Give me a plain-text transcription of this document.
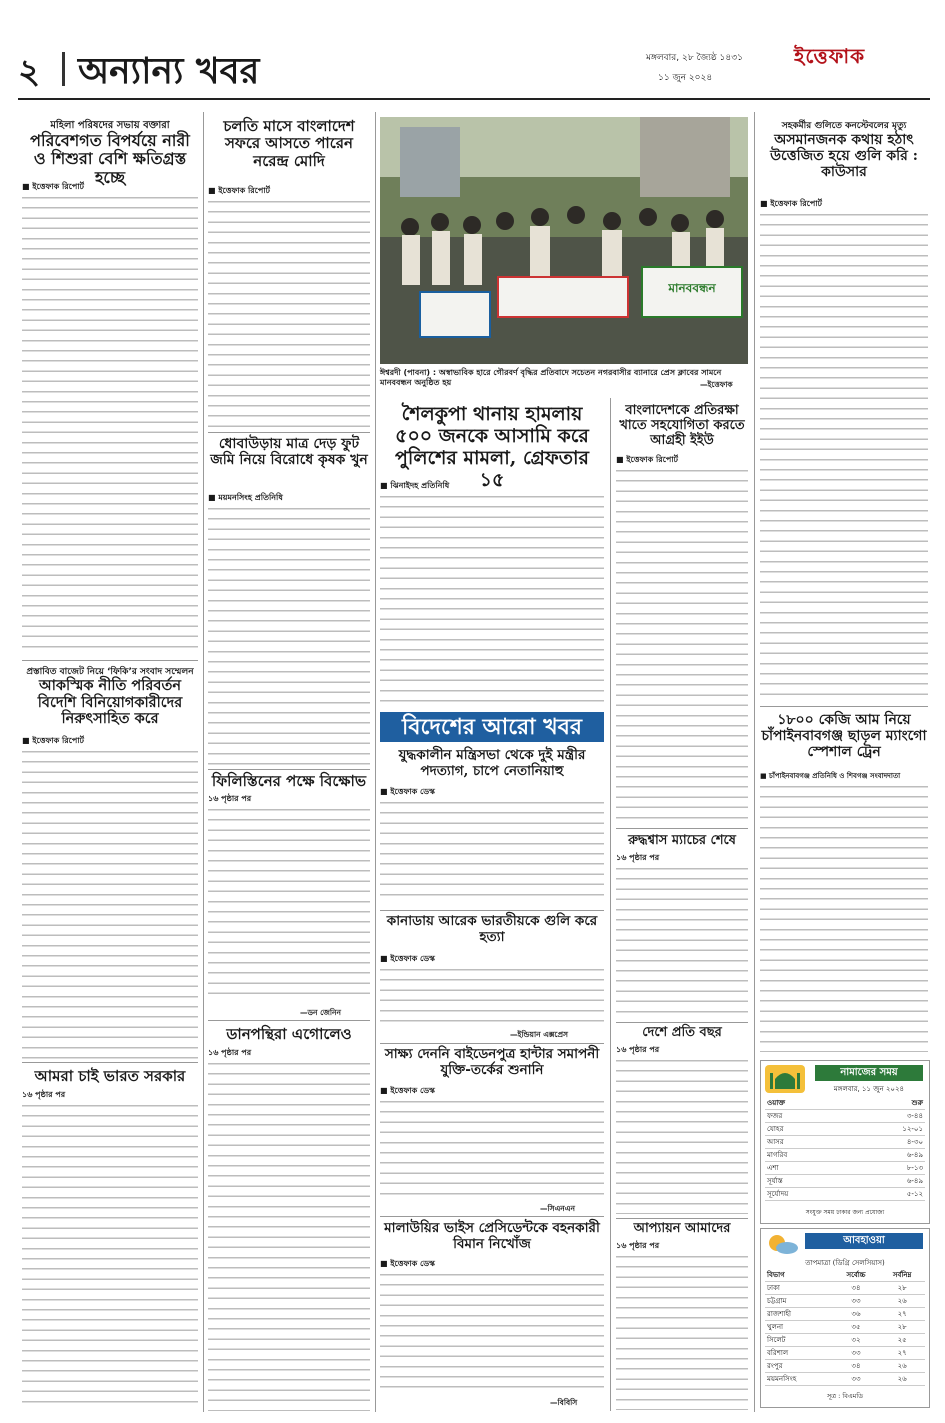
২ অন্যান্য খবর	মঙ্গলবার, ২৮ জ্যৈষ্ঠ ১৪৩১
১১ জুন ২০২৪
ইত্তেফাক
মহিলা পরিষদের সভায় বক্তারা
পরিবেশগত বিপর্যয়ে নারী ও শিশুরা বেশি ক্ষতিগ্রস্ত হচ্ছে
■ ইত্তেফাক রিপোর্ট
প্রস্তাবিত বাজেট নিয়ে ‘ফিকি’র সংবাদ সম্মেলন
আকস্মিক নীতি পরিবর্তন বিদেশি বিনিয়োগকারীদের নিরুৎসাহিত করে
■ ইত্তেফাক রিপোর্ট
আমরা চাই ভারত সরকার
১৬ পৃষ্ঠার পর
চলতি মাসে বাংলাদেশ সফরে আসতে পারেন নরেন্দ্র মোদি
■ ইত্তেফাক রিপোর্ট
ধোবাউড়ায় মাত্র দেড় ফুট জমি নিয়ে বিরোধে কৃষক খুন
■ ময়মনসিংহ প্রতিনিধি
ফিলিস্তিনের পক্ষে বিক্ষোভ
১৬ পৃষ্ঠার পর
—ডন জেনিন
ডানপন্থিরা এগোলেও
১৬ পৃষ্ঠার পর
মানববন্ধন
ঈশ্বরদী (পাবনা) : অস্বাভাবিক হারে গৌরবর্ণ বৃদ্ধির প্রতিবাদে সচেতন নগরবাসীর ব্যানারে প্রেস ক্লাবের সামনে মানববন্ধন অনুষ্ঠিত হয়	—ইত্তেফাক
শৈলকুপা থানায় হামলায় ৫০০ জনকে আসামি করে পুলিশের মামলা, গ্রেফতার ১৫
■ ঝিনাইদহ প্রতিনিধি
বাংলাদেশকে প্রতিরক্ষা খাতে সহযোগিতা করতে আগ্রহী ইইউ
■ ইত্তেফাক রিপোর্ট
বিদেশের আরো খবর
যুদ্ধকালীন মন্ত্রিসভা থেকে দুই মন্ত্রীর পদত্যাগ, চাপে নেতানিয়াহু
■ ইত্তেফাক ডেস্ক
কানাডায় আরেক ভারতীয়কে গুলি করে হত্যা
■ ইত্তেফাক ডেস্ক
—ইন্ডিয়ান এক্সপ্রেস
সাক্ষ্য দেননি বাইডেনপুত্র হান্টার সমাপনী যুক্তি-তর্কের শুনানি
■ ইত্তেফাক ডেস্ক
—সিএনএন
মালাউয়ির ভাইস প্রেসিডেন্টকে বহনকারী বিমান নিখোঁজ
■ ইত্তেফাক ডেস্ক
—বিবিসি
রুদ্ধশ্বাস ম্যাচের শেষে
১৬ পৃষ্ঠার পর
দেশে প্রতি বছর
১৬ পৃষ্ঠার পর
আপ্যায়ন আমাদের
১৬ পৃষ্ঠার পর
সহকর্মীর গুলিতে কনস্টেবলের মৃত্যু
অসমানজনক কথায় হঠাৎ উত্তেজিত হয়ে গুলি করি : কাউসার
■ ইত্তেফাক রিপোর্ট
১৮০০ কেজি আম নিয়ে চাঁপাইনবাবগঞ্জ ছাড়ল ম্যাংগো স্পেশাল ট্রেন
■ চাঁপাইনবাবগঞ্জ প্রতিনিধি ও শিবগঞ্জ সংবাদদাতা
নামাজের সময়
মঙ্গলবার, ১১ জুন ২০২৪
ওয়াক্ত	শুরু
ফজর	৩-৪৪
যোহর	১২-০১
আসর	৪-৩০
মাগরিব	৬-৪৯
এশা	৮-১৩
সূর্যাস্ত	৬-৪৯
সূর্যোদয়	৫-১২
সংযুক্ত সময় ঢাকার জন্য প্রযোজ্য
আবহাওয়া
তাপমাত্রা (ডিগ্রি সেলসিয়াস)
বিভাগ	সর্বোচ্চ	সর্বনিম্ন
ঢাকা	৩৪	২৮
চট্টগ্রাম	৩৩	২৬
রাজশাহী	৩৬	২৭
খুলনা	৩৫	২৮
সিলেট	৩২	২৫
বরিশাল	৩৩	২৭
রংপুর	৩৪	২৬
ময়মনসিংহ	৩৩	২৬
সূত্র : বিএমডি
